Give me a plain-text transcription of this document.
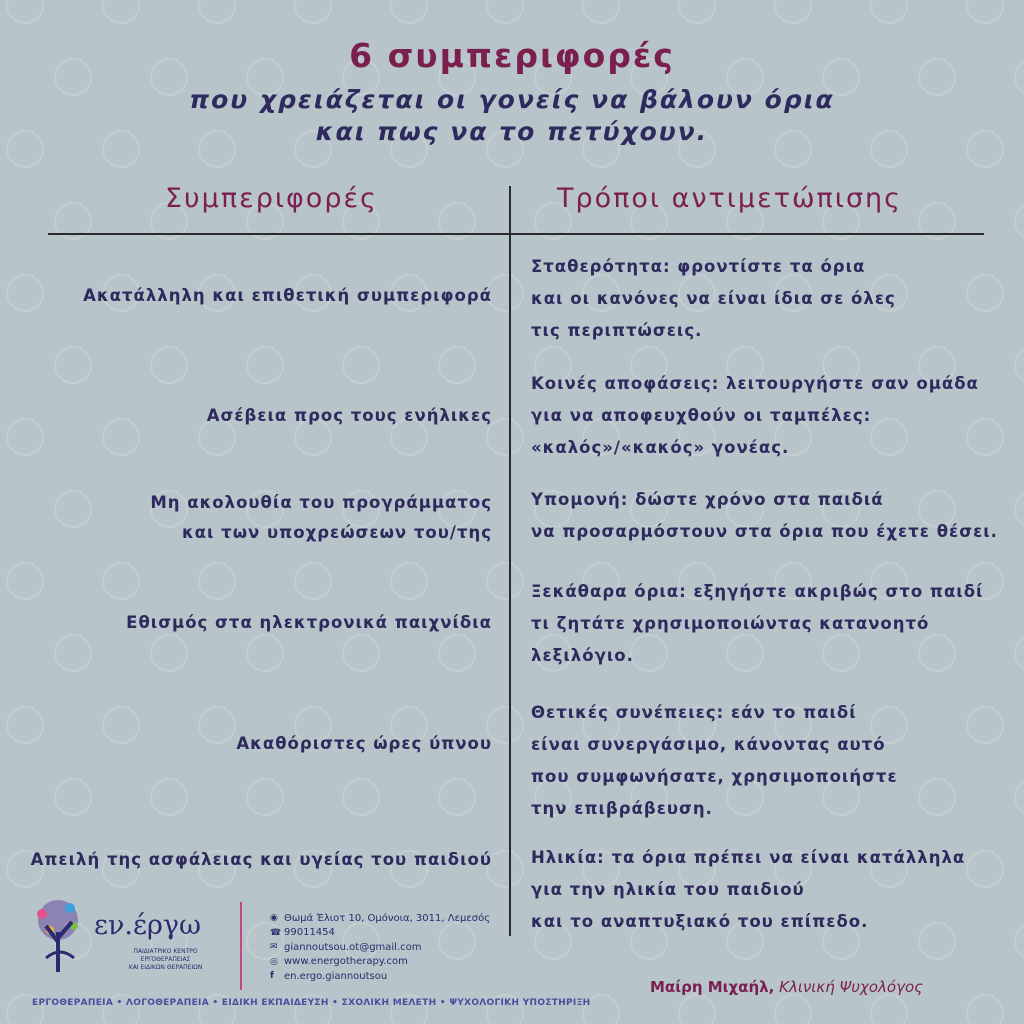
6 συμπεριφορές
που χρειάζεται οι γονείς να βάλουν όρια
και πως να το πετύχουν.
Συμπεριφορές	Τρόποι αντιμετώπισης
Ακατάλληλη και επιθετική συμπεριφορά
Ασέβεια προς τους ενήλικες
Μη ακολουθία του προγράμματος
και των υποχρεώσεων του/της
Εθισμός στα ηλεκτρονικά παιχνίδια
Ακαθόριστες ώρες ύπνου
Απειλή της ασφάλειας και υγείας του παιδιού
Σταθερότητα: φροντίστε τα όρια
και οι κανόνες να είναι ίδια σε όλες
τις περιπτώσεις.
Κοινές αποφάσεις: λειτουργήστε σαν ομάδα
για να αποφευχθούν οι ταμπέλες:
«καλός»/«κακός» γονέας.
Υπομονή: δώστε χρόνο στα παιδιά
να προσαρμόστουν στα όρια που έχετε θέσει.
Ξεκάθαρα όρια: εξηγήστε ακριβώς στο παιδί
τι ζητάτε χρησιμοποιώντας κατανοητό
λεξιλόγιο.
Θετικές συνέπειες: εάν το παιδί
είναι συνεργάσιμο, κάνοντας αυτό
που συμφωνήσατε, χρησιμοποιήστε
την επιβράβευση.
Ηλικία: τα όρια πρέπει να είναι κατάλληλα
για την ηλικία του παιδιού
και το αναπτυξιακό του επίπεδο.
εν.έργω
ΠΑΙΔΙΑΤΡΙΚΟ ΚΕΝΤΡΟ ΕΡΓΟΘΕΡΑΠΕΙΑΣ
ΚΑΙ ΕΙΔΙΚΩΝ ΘΕΡΑΠΕΙΩΝ
◉ Θωμά Έλιοτ 10, Ομόνοια, 3011, Λεμεσός
☎ 99011454
✉ giannoutsou.ot@gmail.com
◎ www.energotherapy.com
f	en.ergo.giannoutsou
ΕΡΓΟΘΕΡΑΠΕΙΑ • ΛΟΓΟΘΕΡΑΠΕΙΑ • ΕΙΔΙΚΗ ΕΚΠΑΙΔΕΥΣΗ • ΣΧΟΛΙΚΗ ΜΕΛΕΤΗ • ΨΥΧΟΛΟΓΙΚΗ ΥΠΟΣΤΗΡΙΞΗ
Μαίρη Μιχαήλ, Κλινική Ψυχολόγος
